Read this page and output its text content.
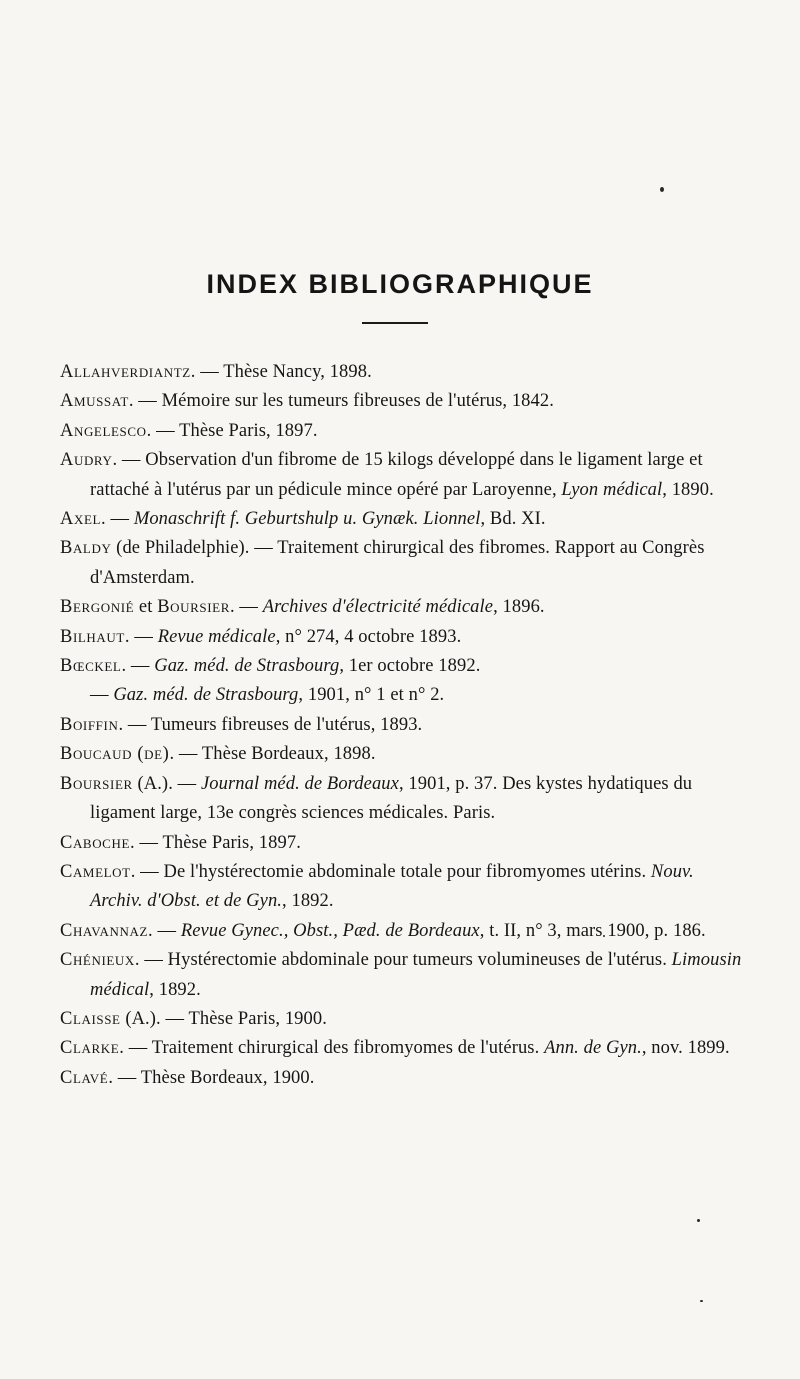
INDEX BIBLIOGRAPHIQUE
Allahverdiantz. — Thèse Nancy, 1898.
Amussat. — Mémoire sur les tumeurs fibreuses de l'utérus, 1842.
Angelesco. — Thèse Paris, 1897.
Audry. — Observation d'un fibrome de 15 kilogs développé dans le ligament large et rattaché à l'utérus par un pédicule mince opéré par Laroyenne, Lyon médical, 1890.
Axel. — Monaschrift f. Geburtshulp u. Gynæk. Lionnel, Bd. XI.
Baldy (de Philadelphie). — Traitement chirurgical des fibromes. Rapport au Congrès d'Amsterdam.
Bergonié et Boursier. — Archives d'électricité médicale, 1896.
Bilhaut. — Revue médicale, n° 274, 4 octobre 1893.
Bœckel. — Gaz. méd. de Strasbourg, 1er octobre 1892.
— Gaz. méd. de Strasbourg, 1901, n° 1 et n° 2.
Boiffin. — Tumeurs fibreuses de l'utérus, 1893.
Boucaud (de). — Thèse Bordeaux, 1898.
Boursier (A.). — Journal méd. de Bordeaux, 1901, p. 37. Des kystes hydatiques du ligament large, 13e congrès sciences médicales. Paris.
Caboche. — Thèse Paris, 1897.
Camelot. — De l'hystérectomie abdominale totale pour fibromyomes utérins. Nouv. Archiv. d'Obst. et de Gyn., 1892.
Chavannaz. — Revue Gynec., Obst., Pæd. de Bordeaux, t. II, n° 3, mars 1900, p. 186.
Chénieux. — Hystérectomie abdominale pour tumeurs volumineuses de l'utérus. Limousin médical, 1892.
Claisse (A.). — Thèse Paris, 1900.
Clarke. — Traitement chirurgical des fibromyomes de l'utérus. Ann. de Gyn., nov. 1899.
Clavé. — Thèse Bordeaux, 1900.
